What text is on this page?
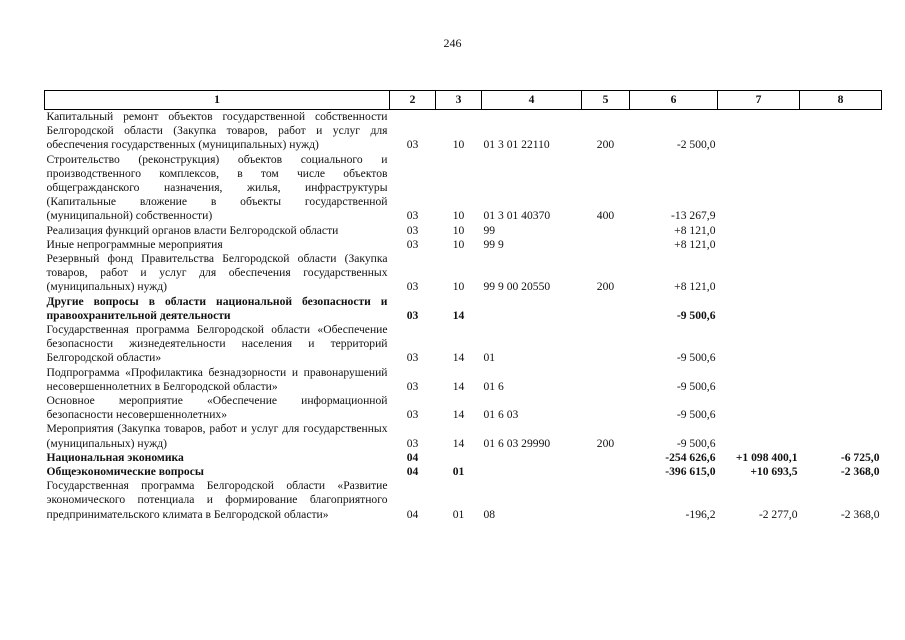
246
1	2	3	4	5	6	7	8
Капитальный ремонт объектов государственной собственности Белгородской области (Закупка товаров, работ и услуг для обеспечения государственных (муниципальных) нужд)	03	10	01 3 01 22110	200	-2 500,0		
Строительство (реконструкция) объектов социального и производственного комплексов, в том числе объектов общегражданского назначения, жилья, инфраструктуры (Капитальные вложение в объекты государственной (муниципальной) собственности)	03	10	01 3 01 40370	400	-13 267,9		
Реализация функций органов власти Белгородской области	03	10	99		+8 121,0		
Иные непрограммные мероприятия	03	10	99 9		+8 121,0		
Резервный фонд Правительства Белгородской области (Закупка товаров, работ и услуг для обеспечения государственных (муниципальных) нужд)	03	10	99 9 00 20550	200	+8 121,0		
Другие вопросы в области национальной безопасности и правоохранительной деятельности	03	14			-9 500,6		
Государственная программа Белгородской области «Обеспечение безопасности жизнедеятельности населения и территорий Белгородской области»	03	14	01		-9 500,6		
Подпрограмма «Профилактика безнадзорности и правонарушений несовершеннолетних в Белгородской области»	03	14	01 6		-9 500,6		
Основное мероприятие «Обеспечение информационной безопасности несовершеннолетних»	03	14	01 6 03		-9 500,6		
Мероприятия (Закупка товаров, работ и услуг для государственных (муниципальных) нужд)	03	14	01 6 03 29990	200	-9 500,6		
Национальная экономика	04				-254 626,6	+1 098 400,1	-6 725,0
Общеэкономические вопросы	04	01			-396 615,0	+10 693,5	-2 368,0
Государственная программа Белгородской области «Развитие экономического потенциала и формирование благоприятного предпринимательского климата в Белгородской области»	04	01	08		-196,2	-2 277,0	-2 368,0
